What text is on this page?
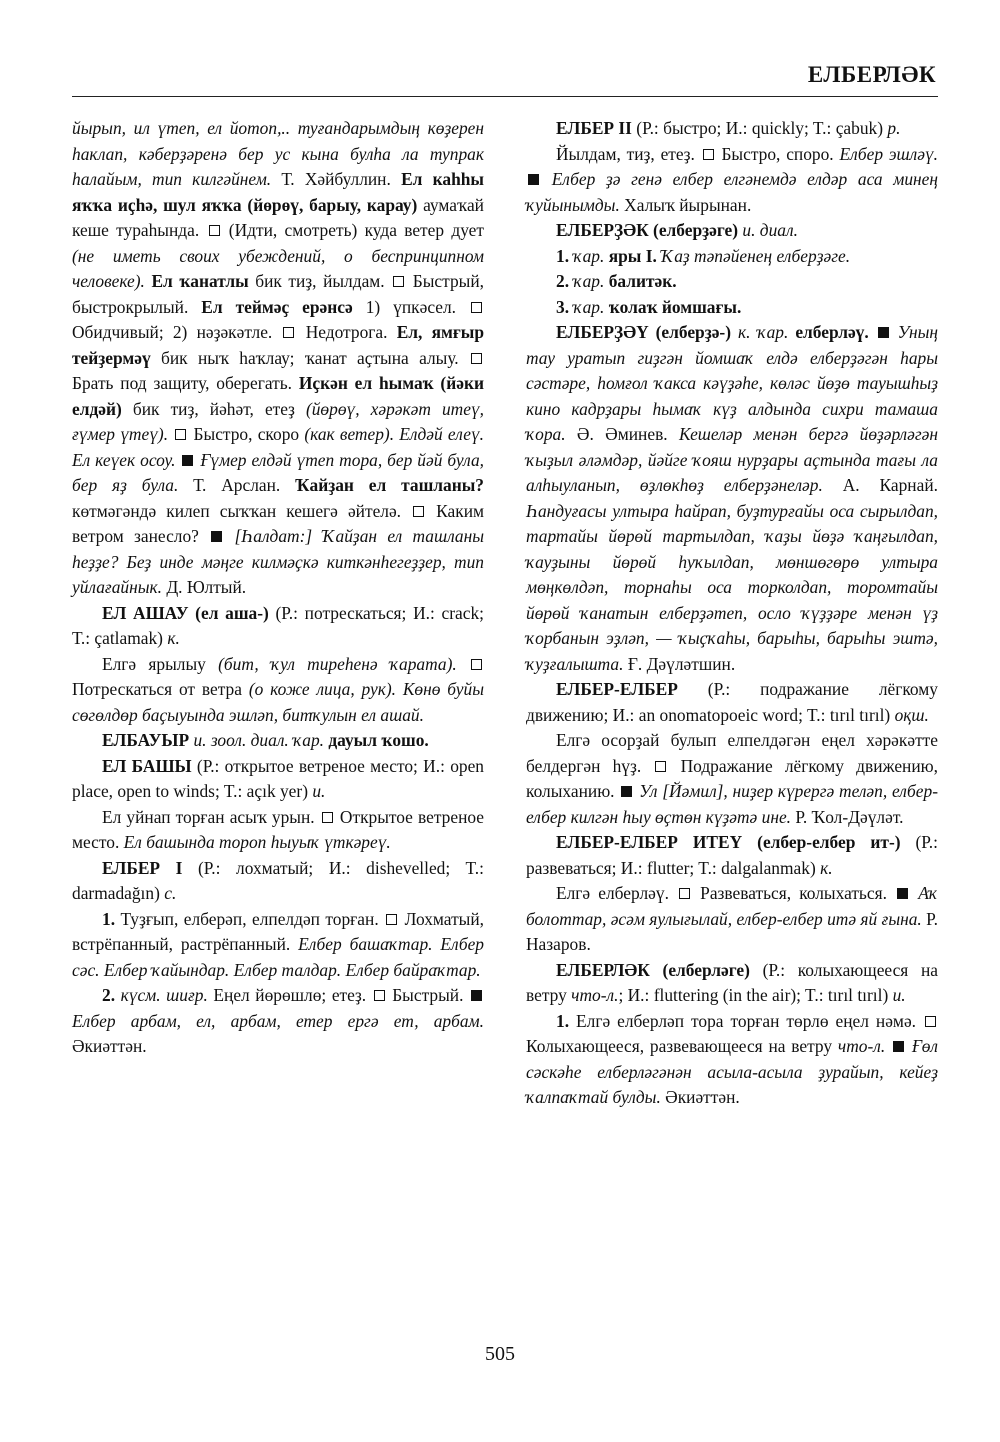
ЕЛБЕРЛӘК

йырып, ил үтеп, ел йотоп,.. туғандарымдың көҙерен һаклап, кәберҙәренә бер ус кына булһа ла тупрак һалайым, тип килгәйнем. Т. Хәйбуллин. Ел каһһы яҡҡа иҫһә, шул яҡҡа (йөрөү, барыу, карау) аумаҡай кеше тураһында.  (Идти, смотреть) куда ветер дует (не иметь своих убеждений, о беспринципном человеке). Ел ҡанатлы бик тиҙ, йылдам.  Быстрый, быстрокрылый. Ел теймәҫ ерәнсә 1) үпкәсел.  Обидчивый; 2) нәҙәкәтле.  Недотрога. Ел, ямғыр тейҙермәү бик ныҡ һаҡлау; ҡанат аҫтына алыу.  Брать под защиту, оберегать. Иҫкән ел һымаҡ (йәки елдәй) бик тиҙ, йәһәт, етеҙ (йөрөү, хәрәкәт итеү, ғүмер үтеү).  Быстро, скоро (как ветер). Елдәй елеү. Ел кеүек осоу. Ғүмер елдәй үтеп тора, бер йәй була, бер яҙ була. Т. Арслан. Ҡайҙан ел ташланы? көтмәгәндә килеп сыҡҡан кешегә әйтелә.  Каким ветром занесло?  [Һалдат:] Ҡайҙан ел ташланы һеҙҙе? Беҙ инде мәңге килмәҫкә киткәнһегеҙҙер, тип уйлағайнык. Д. Юлтый.

ЕЛ АШАУ (ел аша-) (Р.: потрескаться; И.: crack; Т.: çatlamak) к.

Елгә ярылыу (бит, ҡул тиреһенә ҡарата).  Потрескаться от ветра (о коже лица, рук). Көнө буйы сөгөлдөр баҫыуында эшләп, битҡулын ел ашай.

ЕЛБАУЫР и. зоол. диал. ҡар. дауыл ҡошо.

ЕЛ БАШЫ (Р.: открытое ветреное место; И.: open place, open to winds; T.: açık yer) и.

Ел уйнап торған асыҡ урын.  Открытое ветреное место. Ел башында тороп һыуыҡ үткәреү.

ЕЛБЕР I (Р.: лохматый; И.: dishevelled; T.: darmadağın) с.

1. Туҙғып, елберәп, елпелдәп торған.  Лохматый, встрёпанный, растрёпанный. Елбер башаҡтар. Елбер сәс. Елбер ҡайындар. Елбер талдар. Елбер байраҡтар.

2. күсм. шиғр. Еңел йөрөшлө; етеҙ.  Быстрый.  Елбер арбам, ел, арбам, етер ергә ет, арбам. Әкиәттән.

ЕЛБЕР II (Р.: быстро; И.: quickly; T.: çabuk) р.

Йылдам, тиҙ, етеҙ.  Быстро, споро. Елбер эшләү.  Елбер ҙә генә елбер елгәнемдә елдәр аса минең ҡуйынымды. Халыҡ йырынан.

ЕЛБЕРҘӘК (елберҙәге) и. диал.

1. ҡар. яры I. Ҡаҙ тәпәйенең елберҙәге.

2. ҡар. балитәк.

3. ҡар. ҡолаҡ йомшағы.

ЕЛБЕРҘӘҮ (елберҙә-) к. ҡар. елберләү. Уның тау уратып гиҙгән йомшаҡ елдә елберҙәгән һары сәстәре, һомғол ҡакса кәүҙәһе, көләс йөҙө тауышһыҙ кино кадрҙары һымаҡ күҙ алдында сихри тамаша ҡора. Ә. Әминев. Кешеләр менән бергә йөҙәрләгән ҡыҙыл әләмдәр, йәйге ҡояш нурҙары аҫтында тағы ла алһыуланып, өҙлөкһөҙ елберҙәнеләр. А. Карнай. Һандуғасы ултыра һайрап, буҙтурғайы оса сырылдап, тартайы йөрөй тартылдап, ҡаҙы йөҙә ҡаңғылдап, ҡауҙыны йөрөй һуҡылдап, мөншөгөрө ултыра мөңкөлдәп, торнаһы оса торколдап, торомтайы йөрөй ҡанатын елберҙәтеп, осло ҡүҙҙәре менән үҙ ҡорбанын эҙләп, — ҡыҫҡаһы, барыһы, барыһы эштә, ҡуҙғалышта. Ғ. Дәүләтшин.

ЕЛБЕР-ЕЛБЕР (Р.: подражание лёгкому движению; И.: an onomatopoeic word; T.: tırıl tırıl) оқш.

Елгә осорҙай булып елпелдәгән еңел хәрәкәтте белдергән һүҙ.  Подражание лёгкому движению, колыханию.  Ул [Йәмил], ниҙер күрергә теләп, елбер-елбер килгән һыу өҫтөн күҙәтә ине. Р. Ҡол-Дәүләт.

ЕЛБЕР-ЕЛБЕР ИТЕҮ (елбер-елбер ит-) (Р.: развеваться; И.: flutter; T.: dalgalanmak) к.

Елгә елберләү.  Развеваться, колыхаться.  Аҡ болоттар, әсәм яулығылай, елбер-елбер итә яй ғына. Р. Назаров.

ЕЛБЕРЛӘК (елберләге) (Р.: колыхающееся на ветру что-л.; И.: fluttering (in the air); T.: tırıl tırıl) и.

1. Елгә елберләп тора торған төрлө еңел нәмә.  Колыхающееся, развевающееся на ветру что-л. Ғөл сәскәһе елберләгәнән асыла-асыла ҙурайып, кейеҙ ҡалпаҡтай булды. Әкиәттән.

505
